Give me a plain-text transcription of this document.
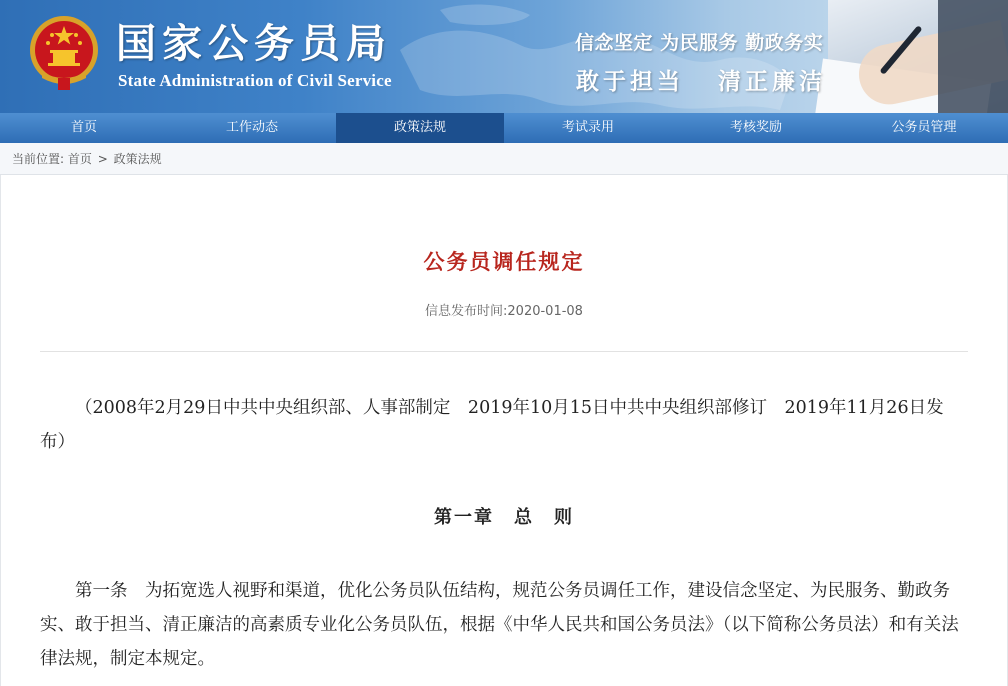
国家公务员局
State Administration of Civil Service
信念坚定 为民服务 勤政务实
敢于担当 清正廉洁
首页	工作动态	政策法规	考试录用	考核奖励	公务员管理
当前位置: 首页 > 政策法规
公务员调任规定
信息发布时间:2020-01-08

（2008年2月29日中共中央组织部、人事部制定　2019年10月15日中共中央组织部修订　2019年11月26日发布）

第一章　总　则

第一条　为拓宽选人视野和渠道，优化公务员队伍结构，规范公务员调任工作，建设信念坚定、为民服务、勤政务实、敢于担当、清正廉洁的高素质专业化公务员队伍，根据《中华人民共和国公务员法》（以下简称公务员法）和有关法律法规，制定本规定。
